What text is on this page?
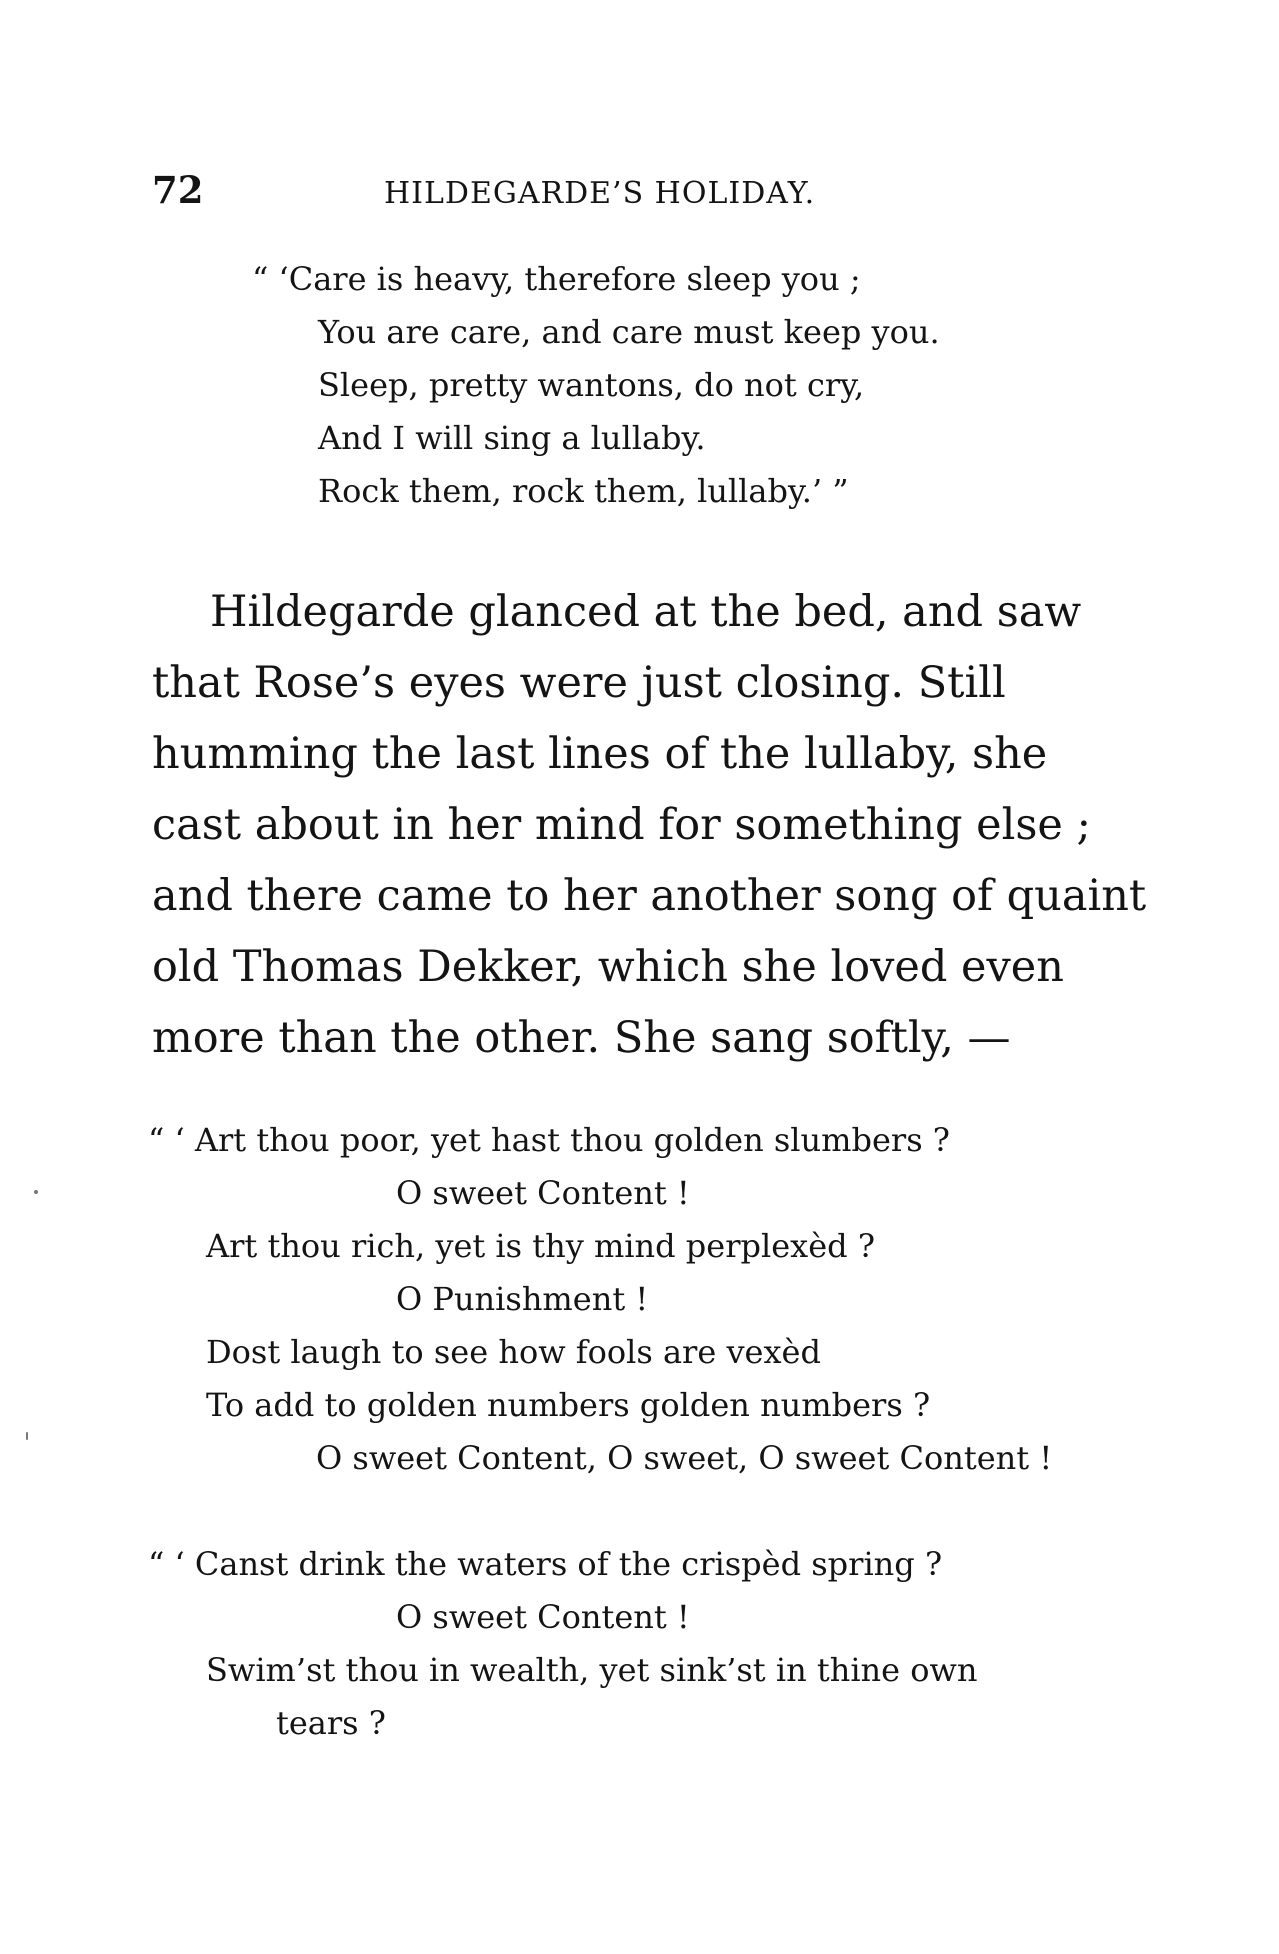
72	HILDEGARDE’S HOLIDAY.
“ ‘Care is heavy, therefore sleep you ;
You are care, and care must keep you.
Sleep, pretty wantons, do not cry,
And I will sing a lullaby.
Rock them, rock them, lullaby.’ ”
Hildegarde glanced at the bed, and saw
that Rose’s eyes were just closing. Still
humming the last lines of the lullaby, she
cast about in her mind for something else ;
and there came to her another song of quaint
old Thomas Dekker, which she loved even
more than the other. She sang softly, —
“ ‘ Art thou poor, yet hast thou golden slumbers ?
O sweet Content !
Art thou rich, yet is thy mind perplexèd ?
O Punishment !
Dost laugh to see how fools are vexèd
To add to golden numbers golden numbers ?
O sweet Content, O sweet, O sweet Content !
“ ‘ Canst drink the waters of the crispèd spring ?
O sweet Content !
Swim’st thou in wealth, yet sink’st in thine own
tears ?
